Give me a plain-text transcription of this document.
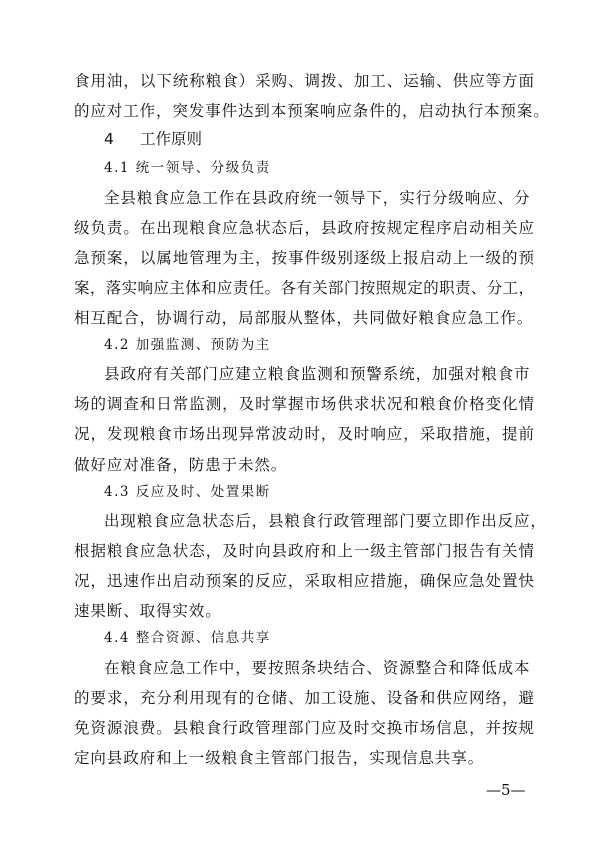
食用油，以下统称粮食）采购、调拨、加工、运输、供应等方面
的应对工作，突发事件达到本预案响应条件的，启动执行本预案。
4 工作原则
4.1 统一领导、分级负责
全县粮食应急工作在县政府统一领导下，实行分级响应、分
级负责。在出现粮食应急状态后，县政府按规定程序启动相关应
急预案，以属地管理为主，按事件级别逐级上报启动上一级的预
案，落实响应主体和应责任。各有关部门按照规定的职责、分工，
相互配合，协调行动，局部服从整体，共同做好粮食应急工作。
4.2 加强监测、预防为主
县政府有关部门应建立粮食监测和预警系统，加强对粮食市
场的调查和日常监测，及时掌握市场供求状况和粮食价格变化情
况，发现粮食市场出现异常波动时，及时响应，采取措施，提前
做好应对准备，防患于未然。
4.3 反应及时、处置果断
出现粮食应急状态后，县粮食行政管理部门要立即作出反应，
根据粮食应急状态，及时向县政府和上一级主管部门报告有关情
况，迅速作出启动预案的反应，采取相应措施，确保应急处置快
速果断、取得实效。
4.4 整合资源、信息共享
在粮食应急工作中，要按照条块结合、资源整合和降低成本
的要求，充分利用现有的仓储、加工设施、设备和供应网络，避
免资源浪费。县粮食行政管理部门应及时交换市场信息，并按规
定向县政府和上一级粮食主管部门报告，实现信息共享。
—5—
